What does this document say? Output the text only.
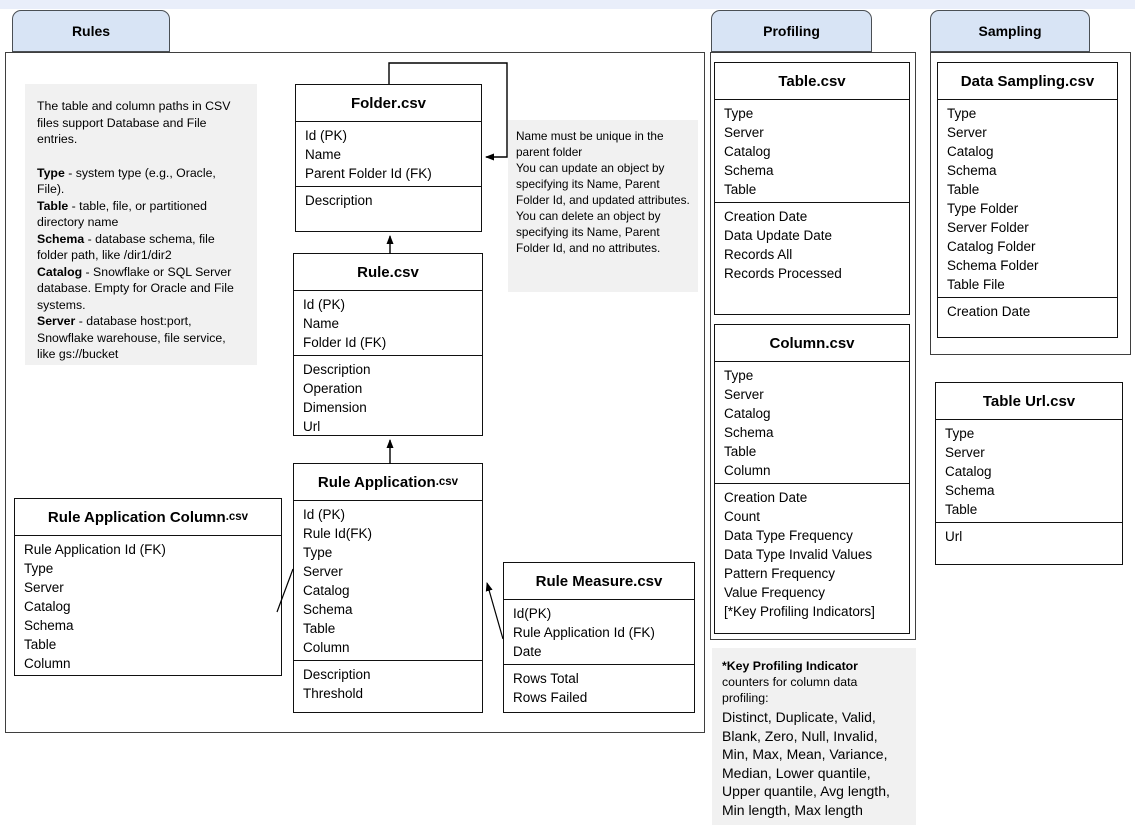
Rules	Profiling	Sampling
The table and column paths in CSV files support Database and File entries.
Type - system type (e.g., Oracle, File).
Table - table, file, or partitioned directory name
Schema - database schema, file folder path, like /dir1/dir2
Catalog - Snowflake or SQL Server database. Empty for Oracle and File systems.
Server - database host:port, Snowflake warehouse, file service, like gs://bucket
Name must be unique in the parent folder
You can update an object by specifying its Name, Parent Folder Id, and updated attributes.
You can delete an object by specifying its Name, Parent Folder Id, and no attributes.
*Key Profiling Indicator
counters for column data profiling:
Distinct, Duplicate, Valid, Blank, Zero, Null, Invalid, Min, Max, Mean, Variance, Median, Lower quantile, Upper quantile, Avg length, Min length, Max length
Folder .csv
Id (PK)
Name
Parent Folder Id (FK)
Description
Rule .csv
Id (PK)
Name
Folder Id (FK)
Description
Operation
Dimension
Url
Rule Application .csv
Id (PK)
Rule Id(FK)
Type
Server
Catalog
Schema
Table
Column
Description
Threshold
Rule Application Column .csv
Rule Application Id (FK)
Type
Server
Catalog
Schema
Table
Column
Rule Measure .csv
Id(PK)
Rule Application Id (FK)
Date
Rows Total
Rows Failed
Table .csv
Type
Server
Catalog
Schema
Table
Creation Date
Data Update Date
Records All
Records Processed
Column .csv
Type
Server
Catalog
Schema
Table
Column
Creation Date
Count
Data Type Frequency
Data Type Invalid Values
Pattern Frequency
Value Frequency
[*Key Profiling Indicators]
Data Sampling .csv
Type
Server
Catalog
Schema
Table
Type Folder
Server Folder
Catalog Folder
Schema Folder
Table File
Creation Date
Table Url .csv
Type
Server
Catalog
Schema
Table
Url
